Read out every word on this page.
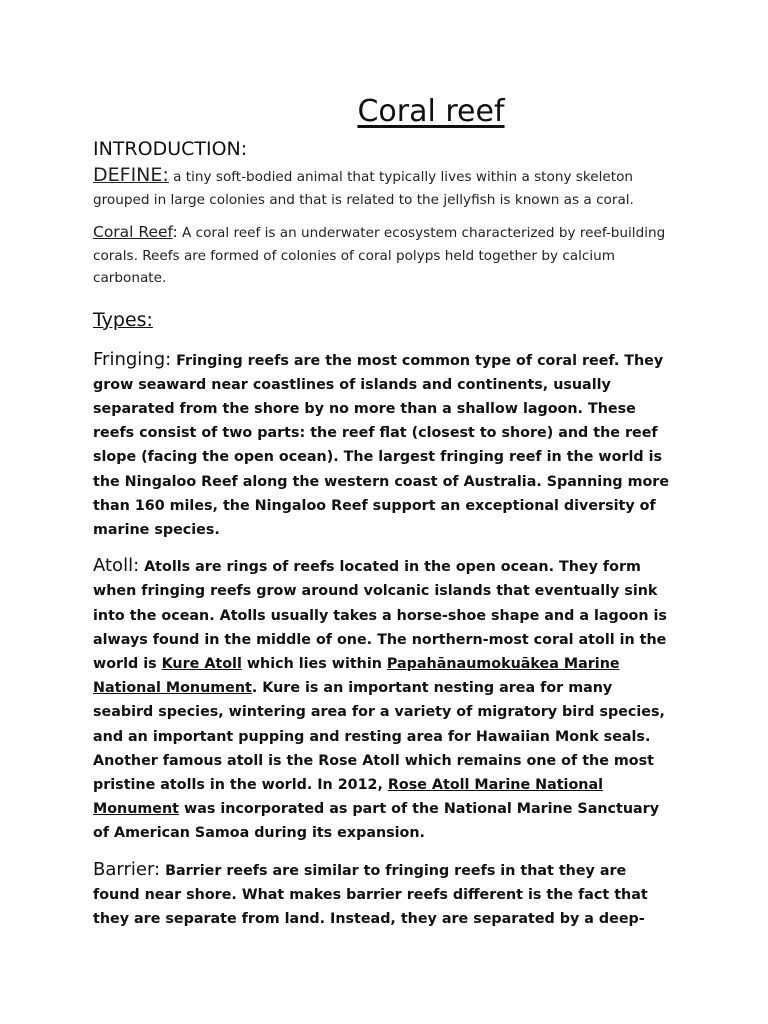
Coral reef

INTRODUCTION:

DEFINE: a tiny soft-bodied animal that typically lives within a stony skeleton grouped in large colonies and that is related to the jellyfish is known as a coral.

Coral Reef: A coral reef is an underwater ecosystem characterized by reef-building corals. Reefs are formed of colonies of coral polyps held together by calcium carbonate.

Types:

Fringing: Fringing reefs are the most common type of coral reef. They grow seaward near coastlines of islands and continents, usually separated from the shore by no more than a shallow lagoon. These reefs consist of two parts: the reef flat (closest to shore) and the reef slope (facing the open ocean). The largest fringing reef in the world is the Ningaloo Reef along the western coast of Australia. Spanning more than 160 miles, the Ningaloo Reef support an exceptional diversity of marine species.

Atoll: Atolls are rings of reefs located in the open ocean. They form when fringing reefs grow around volcanic islands that eventually sink into the ocean. Atolls usually takes a horse-shoe shape and a lagoon is always found in the middle of one. The northern-most coral atoll in the world is Kure Atoll which lies within Papahānaumokuākea Marine National Monument. Kure is an important nesting area for many seabird species, wintering area for a variety of migratory bird species, and an important pupping and resting area for Hawaiian Monk seals. Another famous atoll is the Rose Atoll which remains one of the most pristine atolls in the world. In 2012, Rose Atoll Marine National Monument was incorporated as part of the National Marine Sanctuary of American Samoa during its expansion.

Barrier: Barrier reefs are similar to fringing reefs in that they are found near shore. What makes barrier reefs different is the fact that they are separate from land. Instead, they are separated by a deep-
